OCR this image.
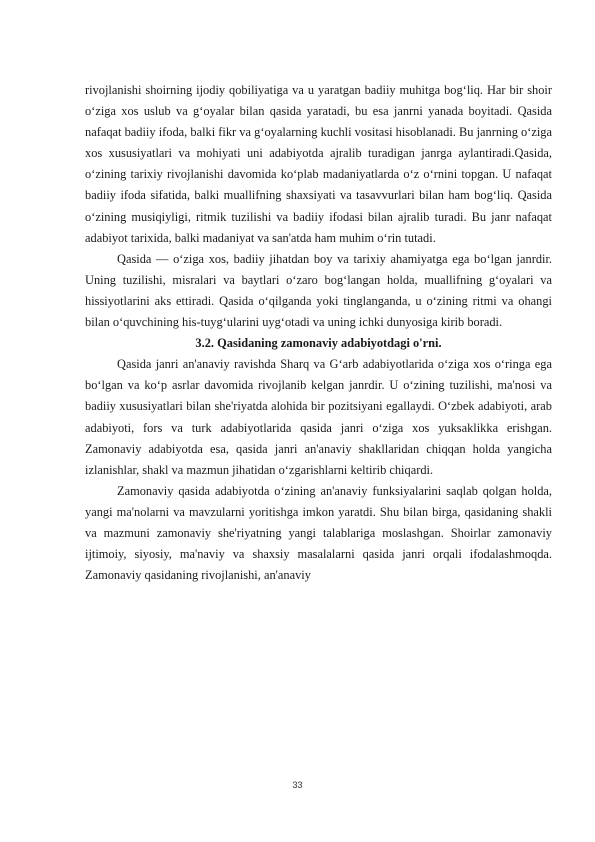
rivojlanishi shoirning ijodiy qobiliyatiga va u yaratgan badiiy muhitga bog‘liq. Har bir shoir o‘ziga xos uslub va g‘oyalar bilan qasida yaratadi, bu esa janrni yanada boyitadi. Qasida nafaqat badiiy ifoda, balki fikr va g‘oyalarning kuchli vositasi hisoblanadi. Bu janrning o‘ziga xos xususiyatlari va mohiyati uni adabiyotda ajralib turadigan janrga aylantiradi.Qasida, o‘zining tarixiy rivojlanishi davomida ko‘plab madaniyatlarda o‘z o‘rnini topgan. U nafaqat badiiy ifoda sifatida, balki muallifning shaxsiyati va tasavvurlari bilan ham bog‘liq. Qasida o‘zining musiqiyligi, ritmik tuzilishi va badiiy ifodasi bilan ajralib turadi. Bu janr nafaqat adabiyot tarixida, balki madaniyat va san'atda ham muhim o‘rin tutadi.

Qasida — o‘ziga xos, badiiy jihatdan boy va tarixiy ahamiyatga ega bo‘lgan janrdir. Uning tuzilishi, misralari va baytlari o‘zaro bog‘langan holda, muallifning g‘oyalari va hissiyotlarini aks ettiradi. Qasida o‘qilganda yoki tinglanganda, u o‘zining ritmi va ohangi bilan o‘quvchining his-tuyg‘ularini uyg‘otadi va uning ichki dunyosiga kirib boradi.

3.2. Qasidaning zamonaviy adabiyotdagi o'rni.

Qasida janri an'anaviy ravishda Sharq va G‘arb adabiyotlarida o‘ziga xos o‘ringa ega bo‘lgan va ko‘p asrlar davomida rivojlanib kelgan janrdir. U o‘zining tuzilishi, ma'nosi va badiiy xususiyatlari bilan she'riyatda alohida bir pozitsiyani egallaydi. O‘zbek adabiyoti, arab adabiyoti, fors va turk adabiyotlarida qasida janri o‘ziga xos yuksaklikka erishgan. Zamonaviy adabiyotda esa, qasida janri an'anaviy shakllaridan chiqqan holda yangicha izlanishlar, shakl va mazmun jihatidan o‘zgarishlarni keltirib chiqardi.

Zamonaviy qasida adabiyotda o‘zining an'anaviy funksiyalarini saqlab qolgan holda, yangi ma'nolarni va mavzularni yoritishga imkon yaratdi. Shu bilan birga, qasidaning shakli va mazmuni zamonaviy she'riyatning yangi talablariga moslashgan. Shoirlar zamonaviy ijtimoiy, siyosiy, ma'naviy va shaxsiy masalalarni qasida janri orqali ifodalashmoqda. Zamonaviy qasidaning rivojlanishi, an'anaviy

33
